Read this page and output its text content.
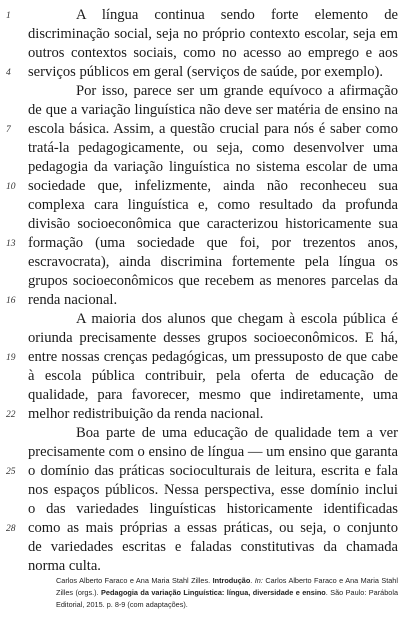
1	A língua continua sendo forte elemento de
discriminação social, seja no próprio contexto escolar, seja em
outros contextos sociais, como no acesso ao emprego e aos
4	serviços públicos em geral (serviços de saúde, por exemplo).
Por isso, parece ser um grande equívoco a afirmação
de que a variação linguística não deve ser matéria de ensino na
7	escola básica. Assim, a questão crucial para nós é saber como
tratá-la pedagogicamente, ou seja, como desenvolver uma
pedagogia da variação linguística no sistema escolar de uma
10 sociedade que, infelizmente, ainda não reconheceu sua
complexa cara linguística e, como resultado da profunda
divisão socioeconômica que caracterizou historicamente sua
13 formação (uma sociedade que foi, por trezentos anos,
escravocrata), ainda discrimina fortemente pela língua os
grupos socioeconômicos que recebem as menores parcelas da
16 renda nacional.
A maioria dos alunos que chegam à escola pública é
oriunda precisamente desses grupos socioeconômicos. E há,
19 entre nossas crenças pedagógicas, um pressuposto de que cabe
à escola pública contribuir, pela oferta de educação de
qualidade, para favorecer, mesmo que indiretamente, uma
22 melhor redistribuição da renda nacional.
Boa parte de uma educação de qualidade tem a ver
precisamente com o ensino de língua — um ensino que garanta
25 o domínio das práticas socioculturais de leitura, escrita e fala
nos espaços públicos. Nessa perspectiva, esse domínio inclui
o das variedades linguísticas historicamente identificadas
28 como as mais próprias a essas práticas, ou seja, o conjunto
de variedades escritas e faladas constitutivas da chamada
norma culta.
Carlos Alberto Faraco e Ana Maria Stahl Zilles. Introdução. In: Carlos Alberto Faraco e Ana Maria Stahl Zilles (orgs.). Pedagogia da variação Linguística: língua, diversidade e ensino. São Paulo: Parábola Editorial, 2015. p. 8-9 (com adaptações).
